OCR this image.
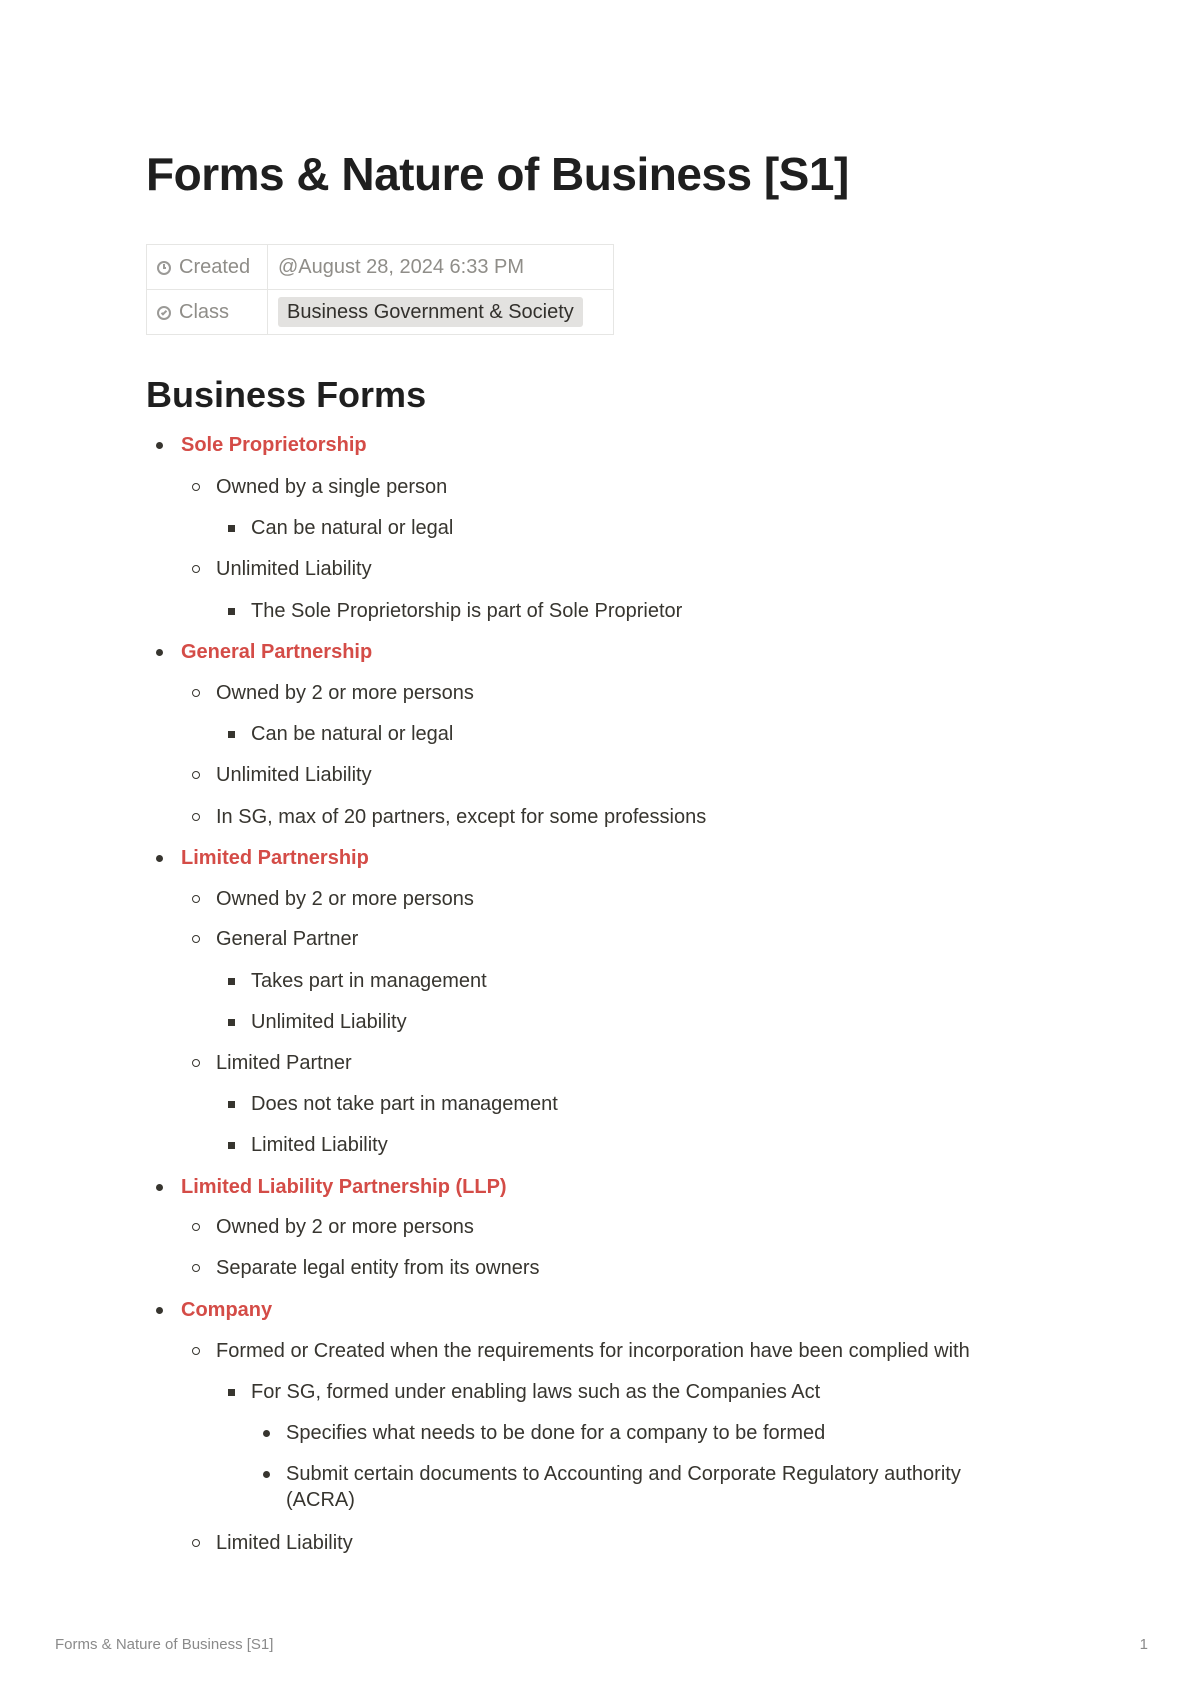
Forms & Nature of Business [S1]
Created	@August 28, 2024 6:33 PM
Class	Business Government & Society
Business Forms
Sole Proprietorship
Owned by a single person
Can be natural or legal
Unlimited Liability
The Sole Proprietorship is part of Sole Proprietor
General Partnership
Owned by 2 or more persons
Can be natural or legal
Unlimited Liability
In SG, max of 20 partners, except for some professions
Limited Partnership
Owned by 2 or more persons
General Partner
Takes part in management
Unlimited Liability
Limited Partner
Does not take part in management
Limited Liability
Limited Liability Partnership (LLP)
Owned by 2 or more persons
Separate legal entity from its owners
Company
Formed or Created when the requirements for incorporation have been complied with
For SG, formed under enabling laws such as the Companies Act
Specifies what needs to be done for a company to be formed
Submit certain documents to Accounting and Corporate Regulatory authority (ACRA)
Limited Liability
Forms & Nature of Business [S1]	1
